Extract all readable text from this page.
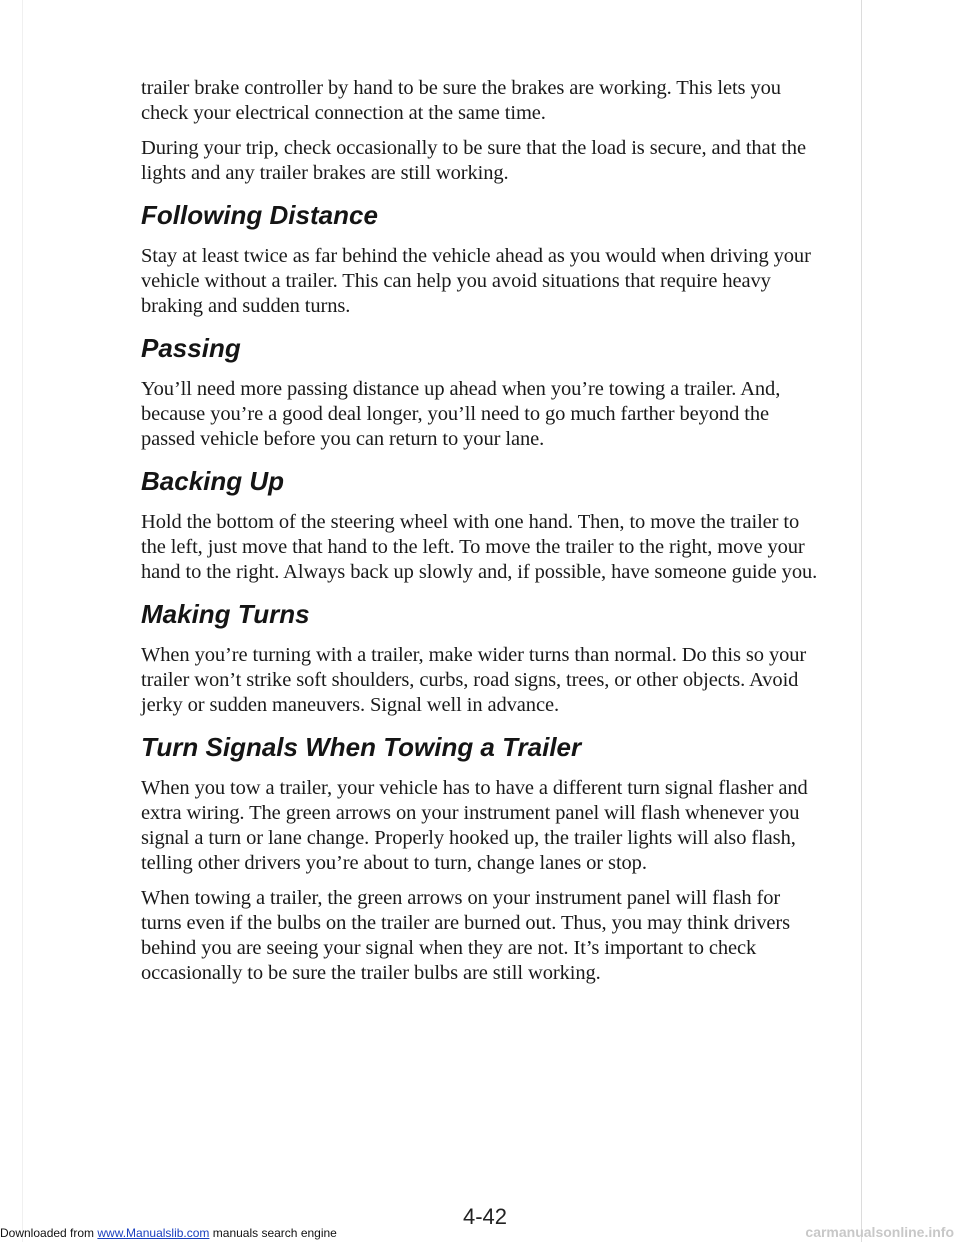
trailer brake controller by hand to be sure the brakes are working. This lets you check your electrical connection at the same time.

During your trip, check occasionally to be sure that the load is secure, and that the lights and any trailer brakes are still working.

Following Distance

Stay at least twice as far behind the vehicle ahead as you would when driving your vehicle without a trailer. This can help you avoid situations that require heavy braking and sudden turns.

Passing

You’ll need more passing distance up ahead when you’re towing a trailer. And, because you’re a good deal longer, you’ll need to go much farther beyond the passed vehicle before you can return to your lane.

Backing Up

Hold the bottom of the steering wheel with one hand. Then, to move the trailer to the left, just move that hand to the left. To move the trailer to the right, move your hand to the right. Always back up slowly and, if possible, have someone guide you.

Making Turns

When you’re turning with a trailer, make wider turns than normal. Do this so your trailer won’t strike soft shoulders, curbs, road signs, trees, or other objects. Avoid jerky or sudden maneuvers. Signal well in advance.

Turn Signals When Towing a Trailer

When you tow a trailer, your vehicle has to have a different turn signal flasher and extra wiring. The green arrows on your instrument panel will flash whenever you signal a turn or lane change. Properly hooked up, the trailer lights will also flash, telling other drivers you’re about to turn, change lanes or stop.

When towing a trailer, the green arrows on your instrument panel will flash for turns even if the bulbs on the trailer are burned out. Thus, you may think drivers behind you are seeing your signal when they are not. It’s important to check occasionally to be sure the trailer bulbs are still working.

4-42
Downloaded from www.Manualslib.com manuals search engine	carmanualsonline.info
